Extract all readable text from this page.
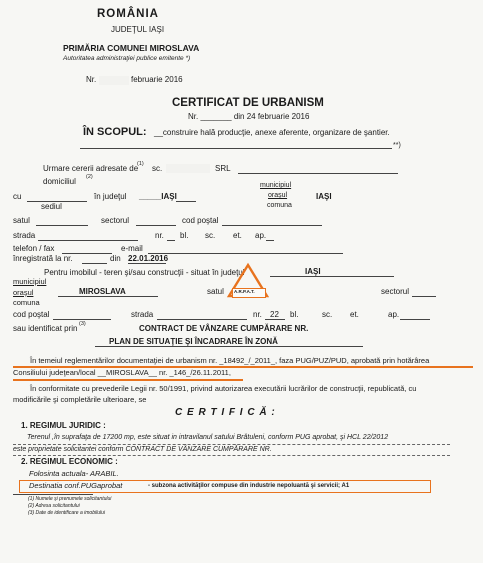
ROMÂNIA
JUDEŢUL IAŞI
PRIMĂRIA COMUNEI MIROSLAVA
Autoritatea administraţiei publice emitente *)
Nr.	februarie 2016
CERTIFICAT DE URBANISM
Nr. _______ din 24 februarie 2016
ÎN SCOPUL: __construire hală producţie, anexe aferente, organizare de şantier.
**)
Urmare cererii adresate de
(1) sc.	SRL
domiciliul (2)
cu	în judeţul _____IAŞI
municipiul
oraşul
comuna
IAŞI
sediul
satul	sectorul	cod poştal
strada	nr. bl. sc. et. ap.
telefon / fax	e-mail
înregistrată la nr.	din 22.01.2016
Pentru imobilul - teren şi/sau construcţii - situat în judeţul	IAŞI
A.R.P.A.T.
municipiul
oraşul
comuna
MIROSLAVA	satul	sectorul
cod poştal	strada	nr. 22 bl.	sc. et.	ap.
sau identificat prin (3)	CONTRACT DE VÂNZARE CUMPĂRARE NR.
PLAN DE SITUAŢIE ŞI ÎNCADRARE ÎN ZONĂ
În temeiul reglementărilor documentaţiei de urbanism nr. _18492_/_2011_, faza PUG/PUZ/PUD, aprobată prin hotărârea
Consiliului judeţean/local __MIROSLAVA__ nr. _146_/26.11.2011,
În conformitate cu prevederile Legii nr. 50/1991, privind autorizarea executării lucrărilor de construcţii, republicată, cu
modificările şi completările ulterioare, se
C E R T I F I C Ă :
1. REGIMUL JURIDIC :
Terenul ,în suprafaţa de 17200 mp, este situat in intravilanul satului Brătuleni, conform PUG aprobat, şi HCL 22/2012
este proprietate solicitantei conform CONTRACT DE VÂNZARE CUMPĂRARE NR.
2. REGIMUL ECONOMIC :
Folosinta actuala- ARABIL.
Destinatia conf.PUGaprobat	- subzona activităţilor compuse din industrie nepoluantă şi servicii; A1
(1) Numele şi prenumele solicitantului
(2) Adresa solicitantului
(3) Date de identificare a imobilului
